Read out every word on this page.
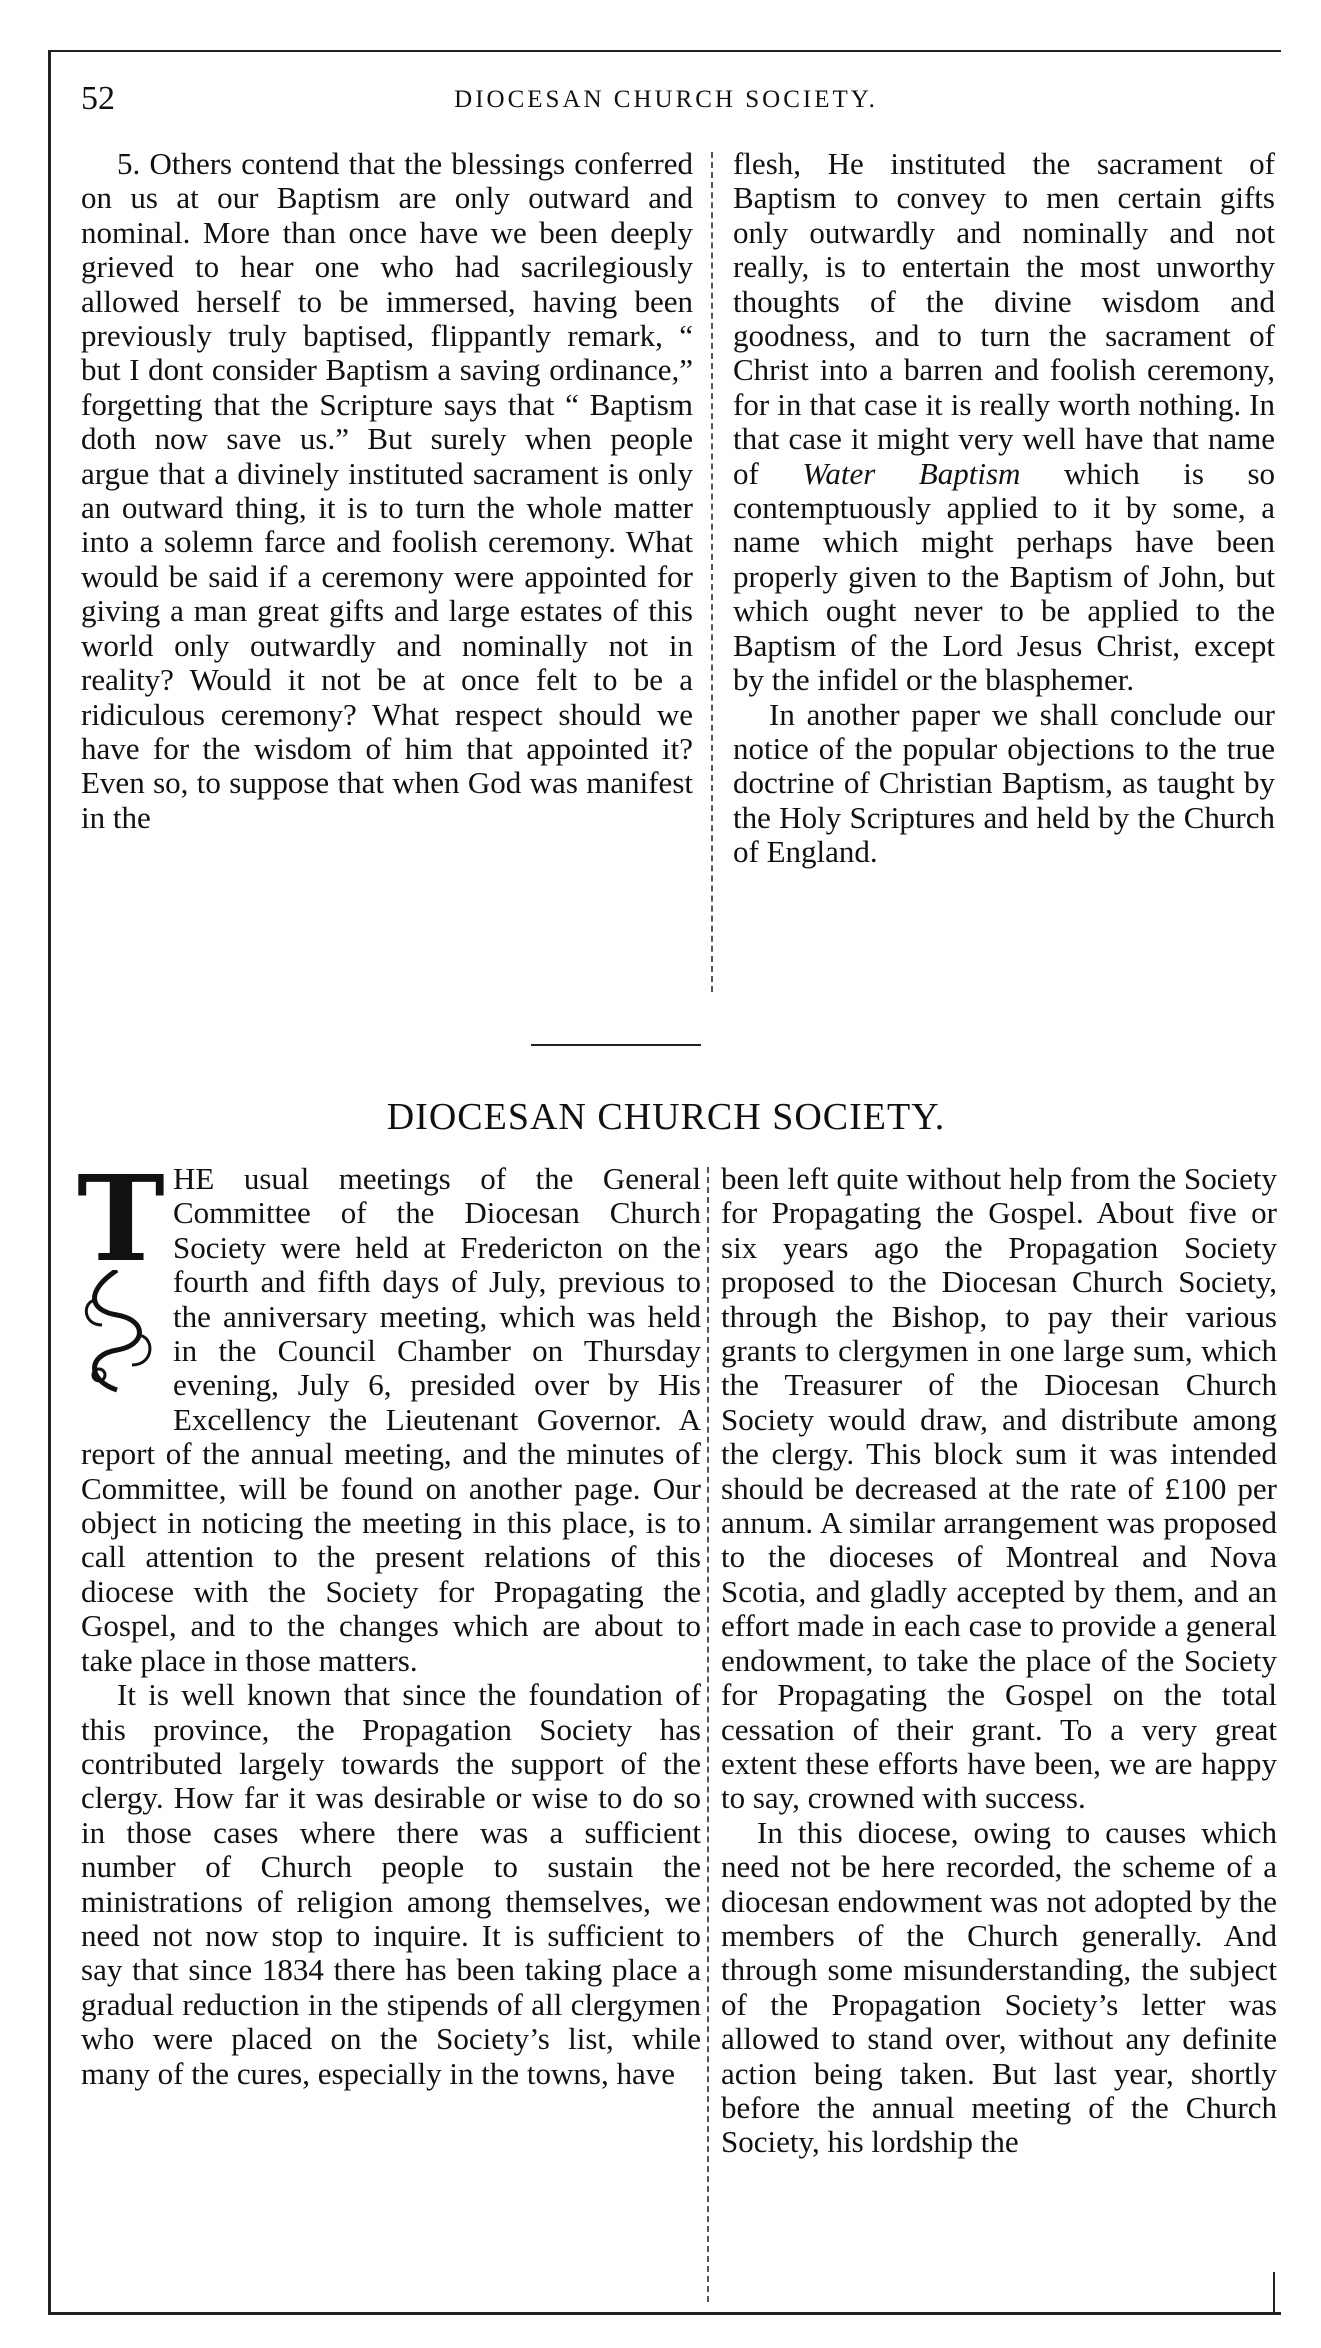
52	DIOCESAN CHURCH SOCIETY.

5. Others contend that the blessings conferred on us at our Baptism are only outward and nominal. More than once have we been deeply grieved to hear one who had sacrilegiously allowed herself to be immersed, having been previously truly baptised, flippantly remark, “ but I dont consider Baptism a saving ordinance,” forgetting that the Scripture says that “ Baptism doth now save us.” But surely when people argue that a divinely instituted sacrament is only an outward thing, it is to turn the whole matter into a solemn farce and foolish ceremony. What would be said if a ceremony were appointed for giving a man great gifts and large estates of this world only outwardly and nominally not in reality? Would it not be at once felt to be a ridiculous ceremony? What respect should we have for the wisdom of him that appointed it? Even so, to suppose that when God was manifest in the

flesh, He instituted the sacrament of Baptism to convey to men certain gifts only outwardly and nominally and not really, is to entertain the most unworthy thoughts of the divine wisdom and goodness, and to turn the sacrament of Christ into a barren and foolish ceremony, for in that case it is really worth nothing. In that case it might very well have that name of Water Baptism which is so contemptuously applied to it by some, a name which might perhaps have been properly given to the Baptism of John, but which ought never to be applied to the Baptism of the Lord Jesus Christ, except by the infidel or the blasphemer.

In another paper we shall conclude our notice of the popular objections to the true doctrine of Christian Baptism, as taught by the Holy Scriptures and held by the Church of England.

DIOCESAN CHURCH SOCIETY.
T HE usual meetings of the General Committee of the Diocesan Church Society were held at Fredericton on the fourth and fifth days of July, previous to the anniversary meeting, which was held in the Council Chamber on Thursday evening, July 6, presided over by His Excellency the Lieutenant Governor. A report of the annual meeting, and the minutes of Committee, will be found on another page. Our object in noticing the meeting in this place, is to call attention to the present relations of this diocese with the Society for Propagating the Gospel, and to the changes which are about to take place in those matters.

It is well known that since the foundation of this province, the Propagation Society has contributed largely towards the support of the clergy. How far it was desirable or wise to do so in those cases where there was a sufficient number of Church people to sustain the ministrations of religion among themselves, we need not now stop to inquire. It is sufficient to say that since 1834 there has been taking place a gradual reduction in the stipends of all clergymen who were placed on the Society’s list, while many of the cures, especially in the towns, have

been left quite without help from the Society for Propagating the Gospel. About five or six years ago the Propagation Society proposed to the Diocesan Church Society, through the Bishop, to pay their various grants to clergymen in one large sum, which the Treasurer of the Diocesan Church Society would draw, and distribute among the clergy. This block sum it was intended should be decreased at the rate of £100 per annum. A similar arrangement was proposed to the dioceses of Montreal and Nova Scotia, and gladly accepted by them, and an effort made in each case to provide a general endowment, to take the place of the Society for Propagating the Gospel on the total cessation of their grant. To a very great extent these efforts have been, we are happy to say, crowned with success.

In this diocese, owing to causes which need not be here recorded, the scheme of a diocesan endowment was not adopted by the members of the Church generally. And through some misunderstanding, the subject of the Propagation Society’s letter was allowed to stand over, without any definite action being taken. But last year, shortly before the annual meeting of the Church Society, his lordship the
